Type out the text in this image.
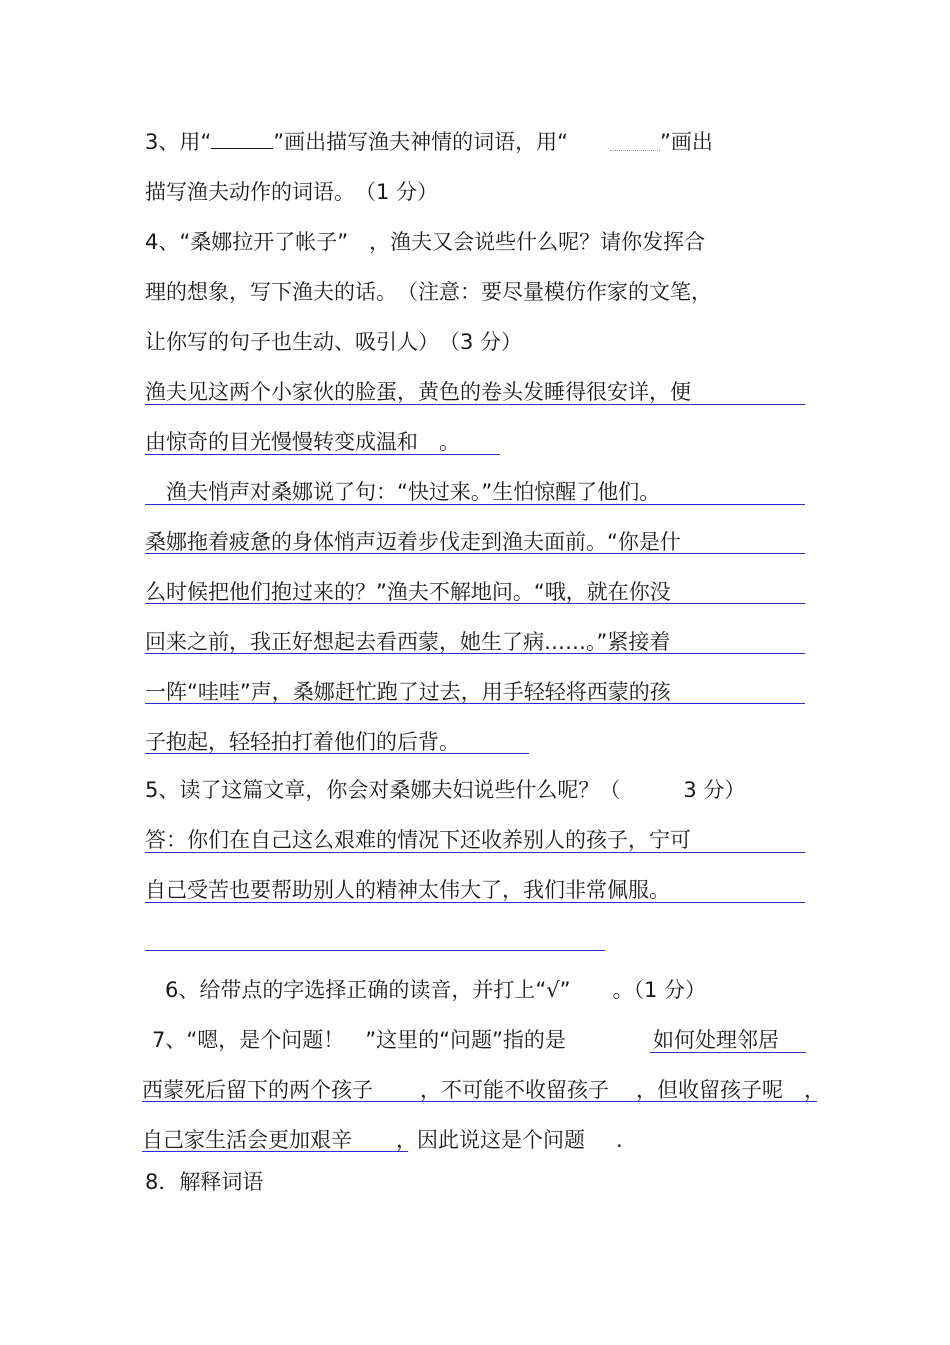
3、用“	”画出描写渔夫神情的词语，用“　　	”画出
描写渔夫动作的词语。　（1 分）
4、“桑娜拉开了帐子”　，渔夫又会说些什么呢？请你发挥合
理的想象，写下渔夫的话。　（注意：要尽量模仿作家的文笔，
让你写的句子也生动、吸引人）　（3 分）
渔夫见这两个小家伙的脸蛋，黄色的卷头发睡得很安详，便
由惊奇的目光慢慢转变成温和　。
　渔夫悄声对桑娜说了句：“快过来。”生怕惊醒了他们。
桑娜拖着疲惫的身体悄声迈着步伐走到渔夫面前。“你是什
么时候把他们抱过来的？”渔夫不解地问。“哦，就在你没
回来之前，我正好想起去看西蒙，她生了病……。”紧接着
一阵“哇哇”声，桑娜赶忙跑了过去，用手轻轻将西蒙的孩
子抱起，轻轻拍打着他们的后背。
5、读了这篇文章，你会对桑娜夫妇说些什么呢？（　　　3 分）
答：你们在自己这么艰难的情况下还收养别人的孩子，宁可
自己受苦也要帮助别人的精神太伟大了，我们非常佩服。
6、给带点的字选择正确的读音，并打上“√”　　。（1 分）
7、“嗯，是个问题！　”这里的“问题”指的是	如何处理邻居
西蒙死后留下的两个孩子 ，不可能不收留孩子 ，但收留孩子呢 ，
自己家生活会更加艰辛 ，因此说这是个问题 .
8．解释词语
